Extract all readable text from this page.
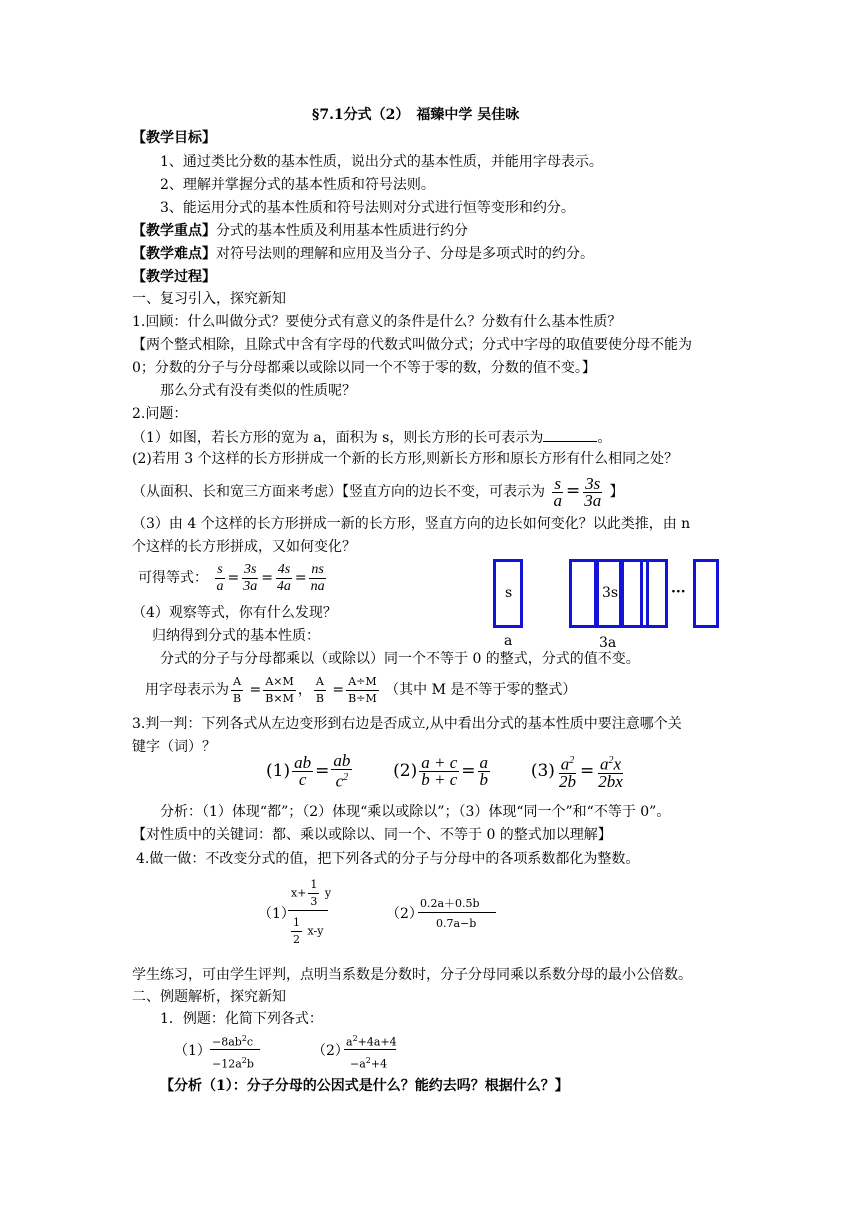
§7.1分式（2）　福臻中学 吴佳咏
【教学目标】
1、通过类比分数的基本性质，说出分式的基本性质，并能用字母表示。
2、理解并掌握分式的基本性质和符号法则。
3、能运用分式的基本性质和符号法则对分式进行恒等变形和约分。
【教学重点】分式的基本性质及利用基本性质进行约分
【教学难点】对符号法则的理解和应用及当分子、分母是多项式时的约分。
【教学过程】
一、复习引入，探究新知
1.回顾：什么叫做分式？要使分式有意义的条件是什么？分数有什么基本性质？
【两个整式相除，且除式中含有字母的代数式叫做分式；分式中字母的取值要使分母不能为
0；分数的分子与分母都乘以或除以同一个不等于零的数，分数的值不变。】
那么分式有没有类似的性质呢？
2.问题：
（1）如图，若长方形的宽为 a，面积为 s，则长方形的长可表示为	。
(2)若用 3 个这样的长方形拼成一个新的长方形,则新长方形和原长方形有什么相同之处？
（从面积、长和宽三方面来考虑）【竖直方向的边长不变，可表示为 $\frac{s}{a} = \frac{3s}{3a}$ 】
（3）由 4 个这样的长方形拼成一新的长方形，竖直方向的边长如何变化？以此类推，由 n
个这样的长方形拼成，又如何变化？
可得等式： $\frac{s}{a} = \frac{3s}{3a} = \frac{4s}{4a} = \frac{ns}{na}$	s
a
3s	···
3a
（4）观察等式，你有什么发现？
归纳得到分式的基本性质：
分式的分子与分母都乘以（或除以）同一个不等于 0 的整式，分式的值不变。
用字母表示为 $\frac{A}{B} = \frac{A\times M}{B\times M}$ ， $\frac{A}{B} = \frac{A\div M}{B\div M}$ （其中 M 是不等于零的整式）
3.判一判：下列各式从左边变形到右边是否成立,从中看出分式的基本性质中要注意哪个关
键字（词）？
$(1) \frac{ab}{c} = \frac{ab}{c^2} (2) \frac{a + c}{b + c} = \frac{a}{b} (3) \frac{a^2}{2b} = \frac{a^2x}{2bx}$
分析：（1）体现“都”；（2）体现“乘以或除以”；（3）体现“同一个”和“不等于 0”。
【对性质中的关键词：都、乘以或除以、同一个、不等于 0 的整式加以理解】
4.做一做：不改变分式的值，把下列各式的分子与分母中的各项系数都化为整数。
（1）
$x+ \frac{1}{3}$ y
$\frac{1}{2} x-y$
（2）
0.2a＋0.5b
0.7a−b
学生练习，可由学生评判，点明当系数是分数时，分子分母同乘以系数分母的最小公倍数。
二、例题解析，探究新知
1．例题：化简下列各式：
（1）
$-8ab^2c$
$-12a^2b$
（2）
$a^2+4a+4$
$-a^2+4$
【分析（1）：分子分母的公因式是什么？能约去吗？根据什么？】
